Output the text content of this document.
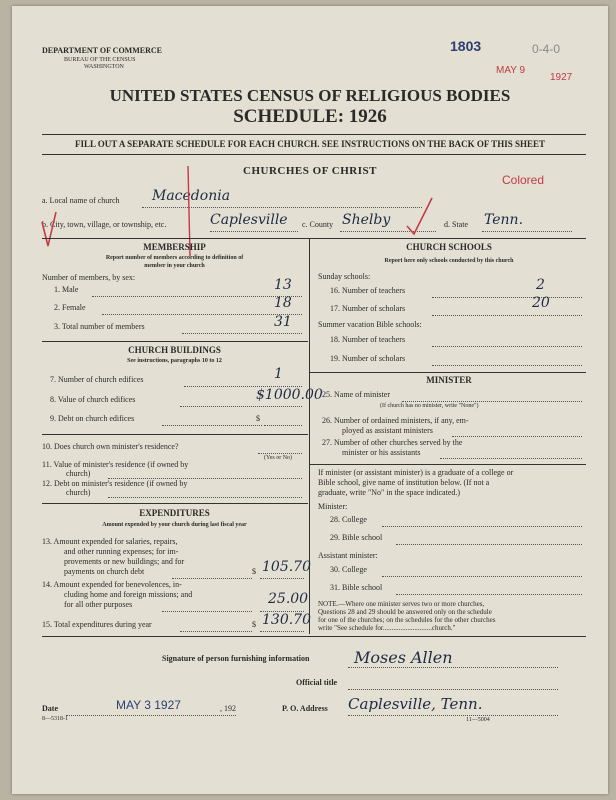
DEPARTMENT OF COMMERCE
BUREAU OF THE CENSUS
WASHINGTON
1803	0-4-0
MAY 9
1927
UNITED STATES CENSUS OF RELIGIOUS BODIES
SCHEDULE: 1926
FILL OUT A SEPARATE SCHEDULE FOR EACH CHURCH. SEE INSTRUCTIONS ON THE BACK OF THIS SHEET
CHURCHES OF CHRIST
Colored
a. Local name of church Macedonia
b. City, town, village, or township, etc.	Caplesville c. County Shelby	d. State Tenn.
MEMBERSHIP
Report number of members according to definition of
member in your church
Number of members, by sex:
1. Male	13
2. Female	18
3. Total number of members	31
CHURCH BUILDINGS
See instructions, paragraphs 10 to 12
7. Number of church edifices	1
8. Value of church edifices	$1000.00
9. Debt on church edifices	$
10. Does church own minister's residence?
(Yes or No)
11. Value of minister's residence (if owned by
church)
12. Debt on minister's residence (if owned by
church)
EXPENDITURES
Amount expended by your church during last fiscal year
13. Amount expended for salaries, repairs,
and other running expenses; for im-
provements or new buildings; and for
payments on church debt	$ 105.70
14. Amount expended for benevolences, in-
cluding home and foreign missions; and
for all other purposes	25.00
15. Total expenditures during year	$ 130.70
CHURCH SCHOOLS
Report here only schools conducted by this church
Sunday schools:
16. Number of teachers	2
17. Number of scholars	20
Summer vacation Bible schools:
18. Number of teachers
19. Number of scholars
MINISTER
25. Name of minister
(If church has no minister, write "None")
26. Number of ordained ministers, if any, em-
ployed as assistant ministers
27. Number of other churches served by the
minister or his assistants
If minister (or assistant minister) is a graduate of a college or
Bible school, give name of institution below. (If not a
graduate, write "No" in the space indicated.)
Minister:
28. College
29. Bible school
Assistant minister:
30. College
31. Bible school
NOTE.—Where one minister serves two or more churches,
Questions 28 and 29 should be answered only on the schedule
for one of the churches; on the schedules for the other churches
write "See schedule for............................church."
Signature of person furnishing information	Moses Allen
Official title
Date	MAY 3 1927	, 192
8—5318-1
P. O. Address Caplesville, Tenn.
11—5004
